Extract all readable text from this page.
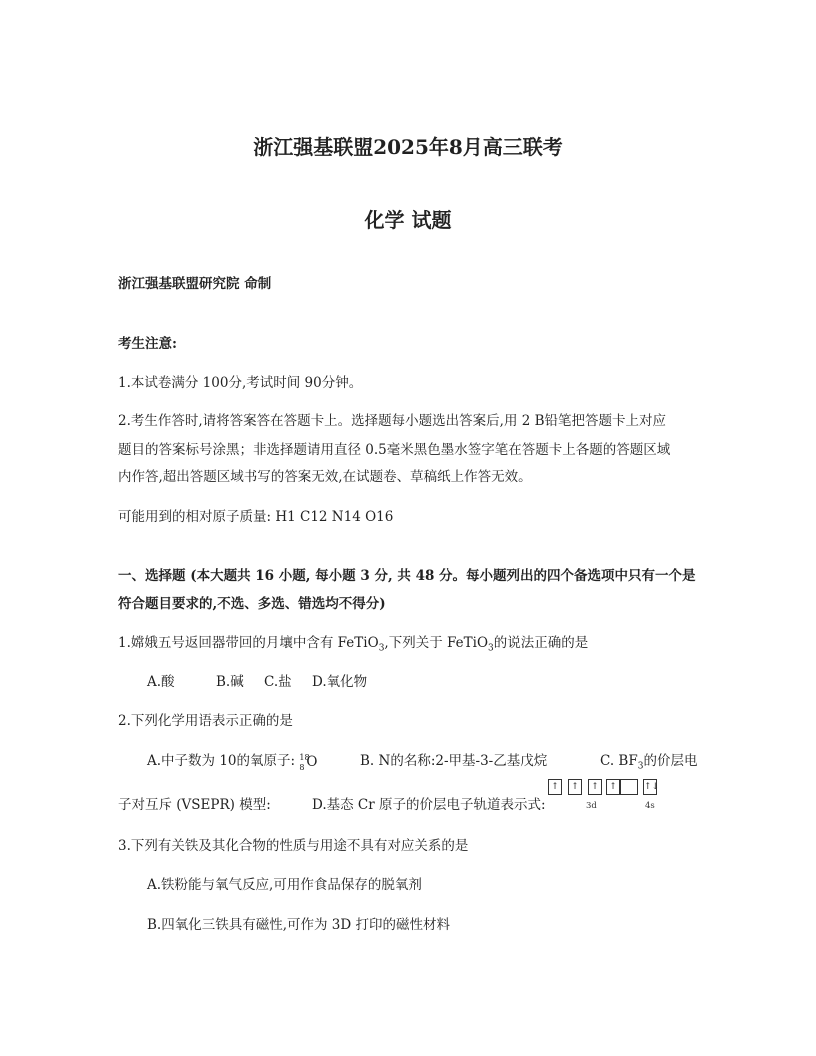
浙江强基联盟2025年8月高三联考
化学 试题
浙江强基联盟研究院 命制
考生注意:
1.本试卷满分 100分,考试时间 90分钟。
2.考生作答时,请将答案答在答题卡上。选择题每小题选出答案后,用 2 B铅笔把答题卡上对应
题目的答案标号涂黑；非选择题请用直径 0.5毫米黑色墨水签字笔在答题卡上各题的答题区域
内作答,超出答题区域书写的答案无效,在试题卷、草稿纸上作答无效。
可能用到的相对原子质量: H1 C12 N14 O16
一、选择题 (本大题共 16 小题, 每小题 3 分, 共 48 分。每小题列出的四个备选项中只有一个是
符合题目要求的,不选、多选、错选均不得分)
1.嫦娥五号返回器带回的月壤中含有 FeTiO$_3$,下列关于 FeTiO$_3$的说法正确的是
A.酸	B.碱 C.盐 D.氧化物
2.下列化学用语表示正确的是
A.中子数为 10的氧原子: 18
8 O	B. N的名称:2-甲基-3-乙基戊烷	C. $BF_3$的价层电
子对互斥 (VSEPR) 模型:	D.基态 Cr 原子的价层电子轨道表示式:
↑	↑	↑	↑	↑↓
3d	4s
3.下列有关铁及其化合物的性质与用途不具有对应关系的是
A.铁粉能与氧气反应,可用作食品保存的脱氧剂
B.四氧化三铁具有磁性,可作为 3D 打印的磁性材料
